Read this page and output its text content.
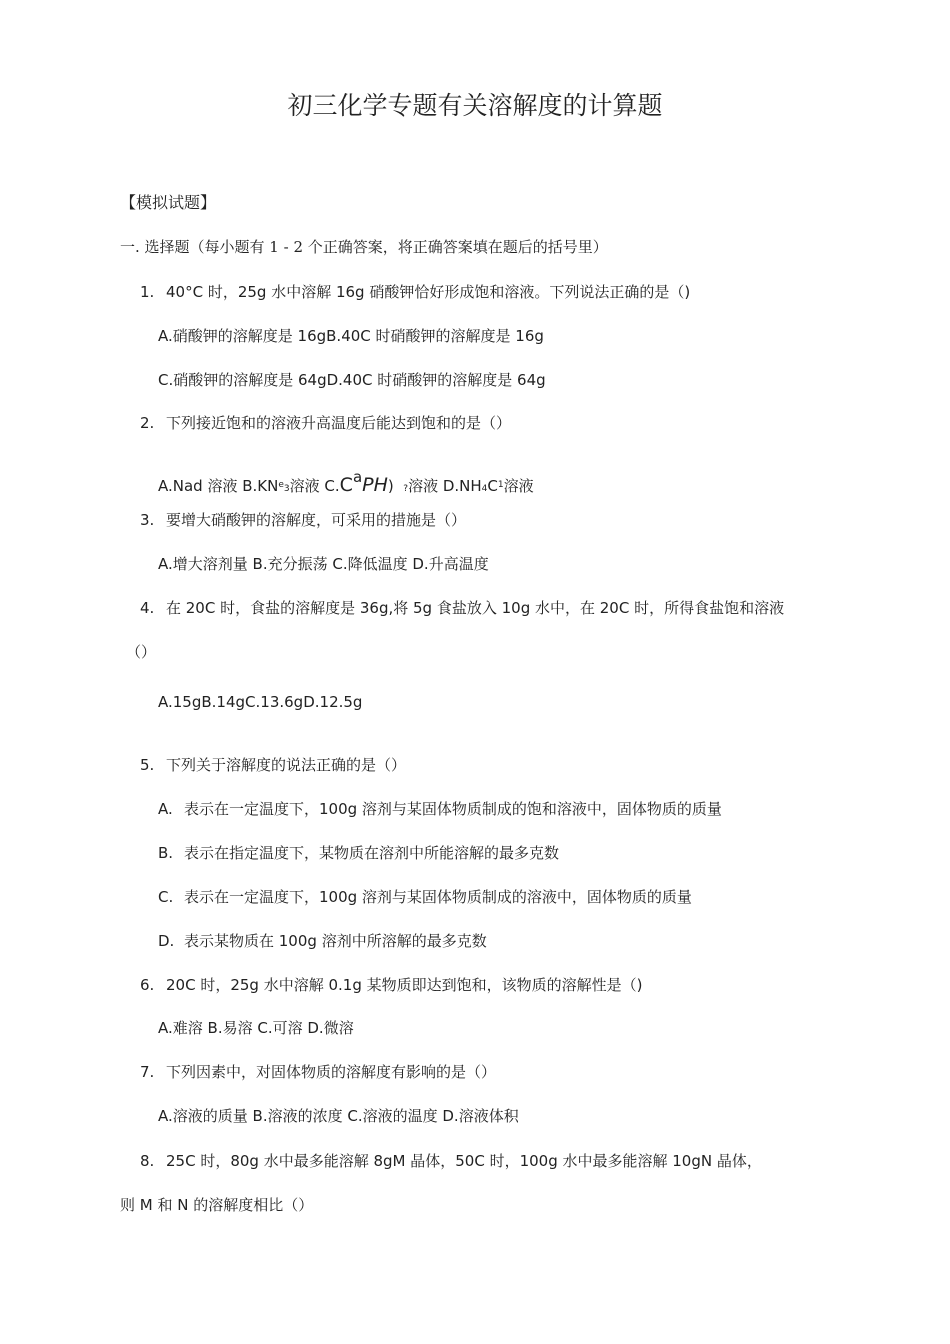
初三化学专题有关溶解度的计算题
【模拟试题】
一. 选择题（每小题有 1 - 2 个正确答案，将正确答案填在题后的括号里）
1. 40°C 时，25g 水中溶解 16g 硝酸钾恰好形成饱和溶液。下列说法正确的是（)
A.硝酸钾的溶解度是 16gB.40C 时硝酸钾的溶解度是 16g
C.硝酸钾的溶解度是 64gD.40C 时硝酸钾的溶解度是 64g
2. 下列接近饱和的溶液升高温度后能达到饱和的是（）
A.Nad 溶液 $B.KN^e3$溶液 C.CaPH) ?溶液 $D.NH4C^1$溶液
3. 要增大硝酸钾的溶解度，可采用的措施是（）
A.增大溶剂量 B.充分振荡 C.降低温度 D.升高温度
4. 在 20C 时，食盐的溶解度是 36g,将 5g 食盐放入 10g 水中，在 20C 时，所得食盐饱和溶液
（）
A.15gB.14gC.13.6gD.12.5g
5. 下列关于溶解度的说法正确的是（）
A. 表示在一定温度下，100g 溶剂与某固体物质制成的饱和溶液中，固体物质的质量
B. 表示在指定温度下，某物质在溶剂中所能溶解的最多克数
C. 表示在一定温度下，100g 溶剂与某固体物质制成的溶液中，固体物质的质量
D. 表示某物质在 100g 溶剂中所溶解的最多克数
6. 20C 时，25g 水中溶解 0.1g 某物质即达到饱和，该物质的溶解性是（)
A.难溶 B.易溶 C.可溶 D.微溶
7. 下列因素中，对固体物质的溶解度有影响的是（）
A.溶液的质量 B.溶液的浓度 C.溶液的温度 D.溶液体积
8. 25C 时，80g 水中最多能溶解 8gM 晶体，50C 时，100g 水中最多能溶解 10gN 晶体，
则 M 和 N 的溶解度相比（）
